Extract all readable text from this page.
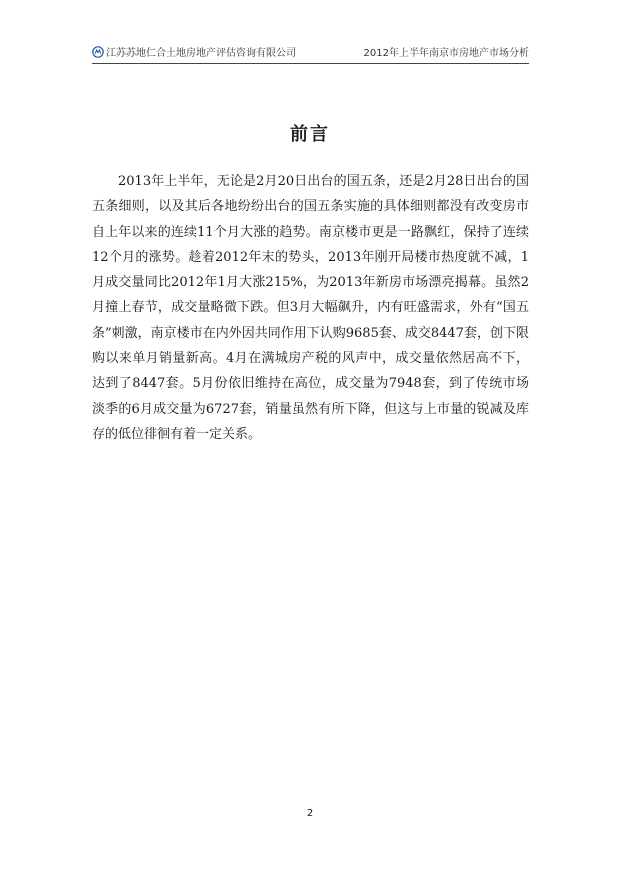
江苏苏地仁合土地房地产评估咨询有限公司	2012年上半年南京市房地产市场分析
前言

2013年上半年，无论是2月20日出台的国五条，还是2月28日出台的国五条细则，以及其后各地纷纷出台的国五条实施的具体细则都没有改变房市自上年以来的连续11个月大涨的趋势。南京楼市更是一路飘红，保持了连续12个月的涨势。趁着2012年末的势头，2013年刚开局楼市热度就不减，1月成交量同比2012年1月大涨215%，为2013年新房市场漂亮揭幕。虽然2月撞上春节，成交量略微下跌。但3月大幅飙升，内有旺盛需求，外有“国五条”刺激，南京楼市在内外因共同作用下认购9685套、成交8447套，创下限购以来单月销量新高。4月在满城房产税的风声中，成交量依然居高不下，达到了8447套。5月份依旧维持在高位，成交量为7948套，到了传统市场淡季的6月成交量为6727套，销量虽然有所下降，但这与上市量的锐减及库存的低位徘徊有着一定关系。

2
